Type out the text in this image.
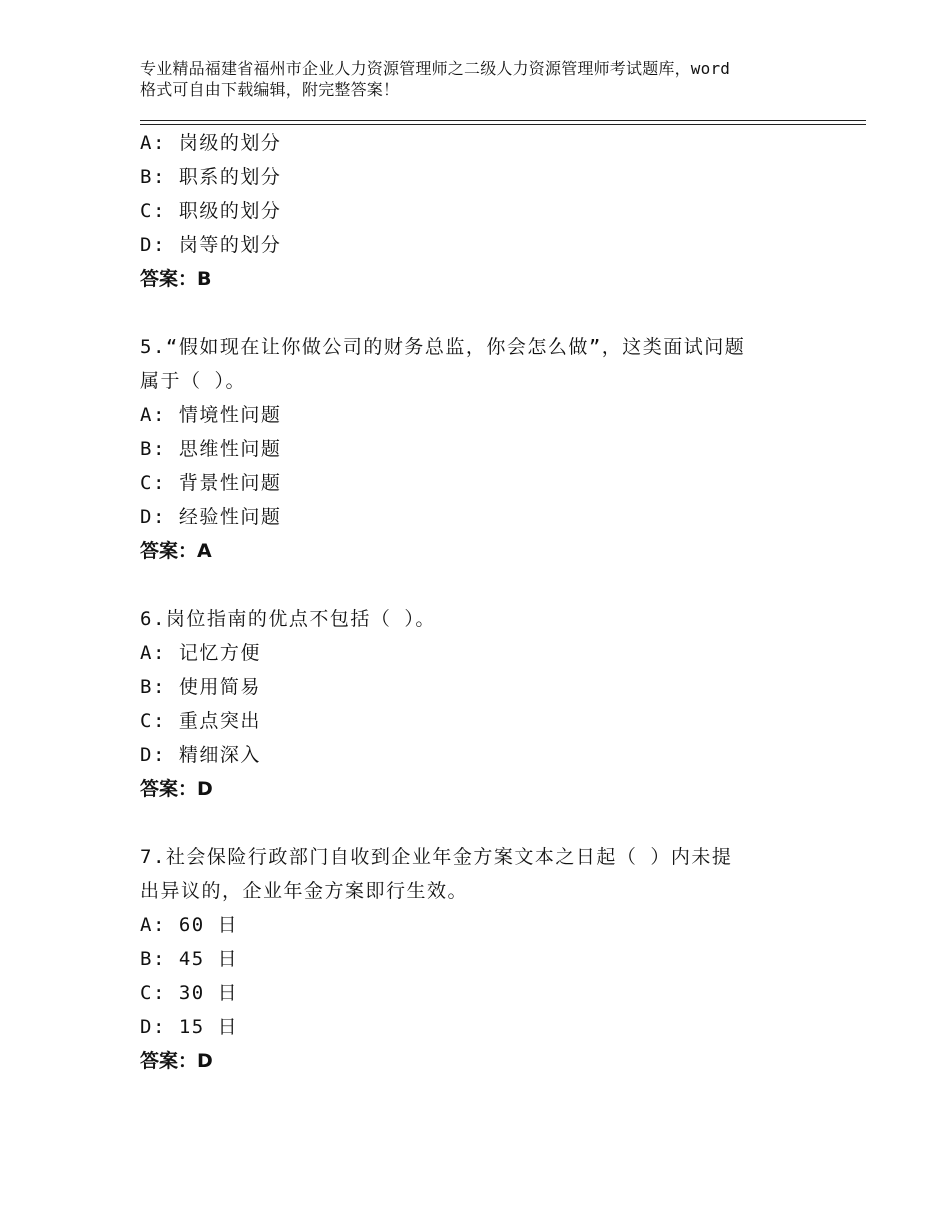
专业精品福建省福州市企业人力资源管理师之二级人力资源管理师考试题库，word
格式可自由下载编辑，附完整答案！
A: 岗级的划分
B: 职系的划分
C: 职级的划分
D: 岗等的划分
答案：B
5.“假如现在让你做公司的财务总监，你会怎么做”，这类面试问题
属于（ ）。
A: 情境性问题
B: 思维性问题
C: 背景性问题
D: 经验性问题
答案：A
6.岗位指南的优点不包括（ ）。
A: 记忆方便
B: 使用简易
C: 重点突出
D: 精细深入
答案：D
7.社会保险行政部门自收到企业年金方案文本之日起（ ）内未提
出异议的，企业年金方案即行生效。
A: 60 日
B: 45 日
C: 30 日
D: 15 日
答案：D
